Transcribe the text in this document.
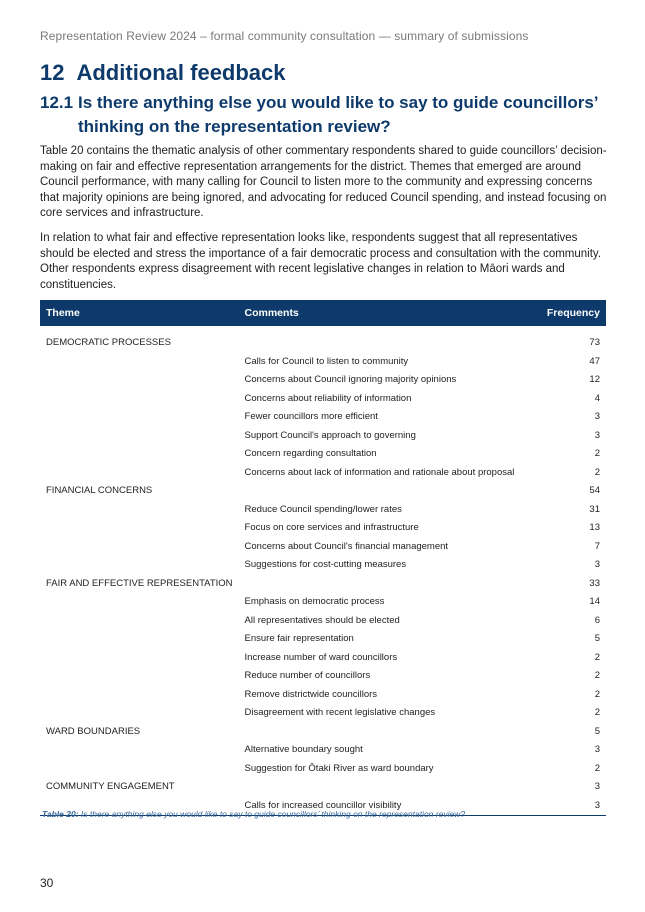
Representation Review 2024 – formal community consultation — summary of submissions
12 Additional feedback
12.1 Is there anything else you would like to say to guide councillors’ thinking on the representation review?

Table 20 contains the thematic analysis of other commentary respondents shared to guide councillors’ decision-making on fair and effective representation arrangements for the district. Themes that emerged are around Council performance, with many calling for Council to listen more to the community and expressing concerns that majority opinions are being ignored, and advocating for reduced Council spending, and instead focusing on core services and infrastructure.

In relation to what fair and effective representation looks like, respondents suggest that all representatives should be elected and stress the importance of a fair democratic process and consultation with the community. Other respondents express disagreement with recent legislative changes in relation to Māori wards and constituencies.

Theme	Comments	Frequency
DEMOCRATIC PROCESSES		73
	Calls for Council to listen to community	47
	Concerns about Council ignoring majority opinions	12
	Concerns about reliability of information	4
	Fewer councillors more efficient	3
	Support Council's approach to governing	3
	Concern regarding consultation	2
	Concerns about lack of information and rationale about proposal	2
FINANCIAL CONCERNS		54
	Reduce Council spending/lower rates	31
	Focus on core services and infrastructure	13
	Concerns about Council's financial management	7
	Suggestions for cost-cutting measures	3
FAIR AND EFFECTIVE REPRESENTATION		33
	Emphasis on democratic process	14
	All representatives should be elected	6
	Ensure fair representation	5
	Increase number of ward councillors	2
	Reduce number of councillors	2
	Remove districtwide councillors	2
	Disagreement with recent legislative changes	2
WARD BOUNDARIES		5
	Alternative boundary sought	3
	Suggestion for Ōtaki River as ward boundary	2
COMMUNITY ENGAGEMENT		3
	Calls for increased councillor visibility	3
Table 20: Is there anything else you would like to say to guide councillors’ thinking on the representation review?
30
